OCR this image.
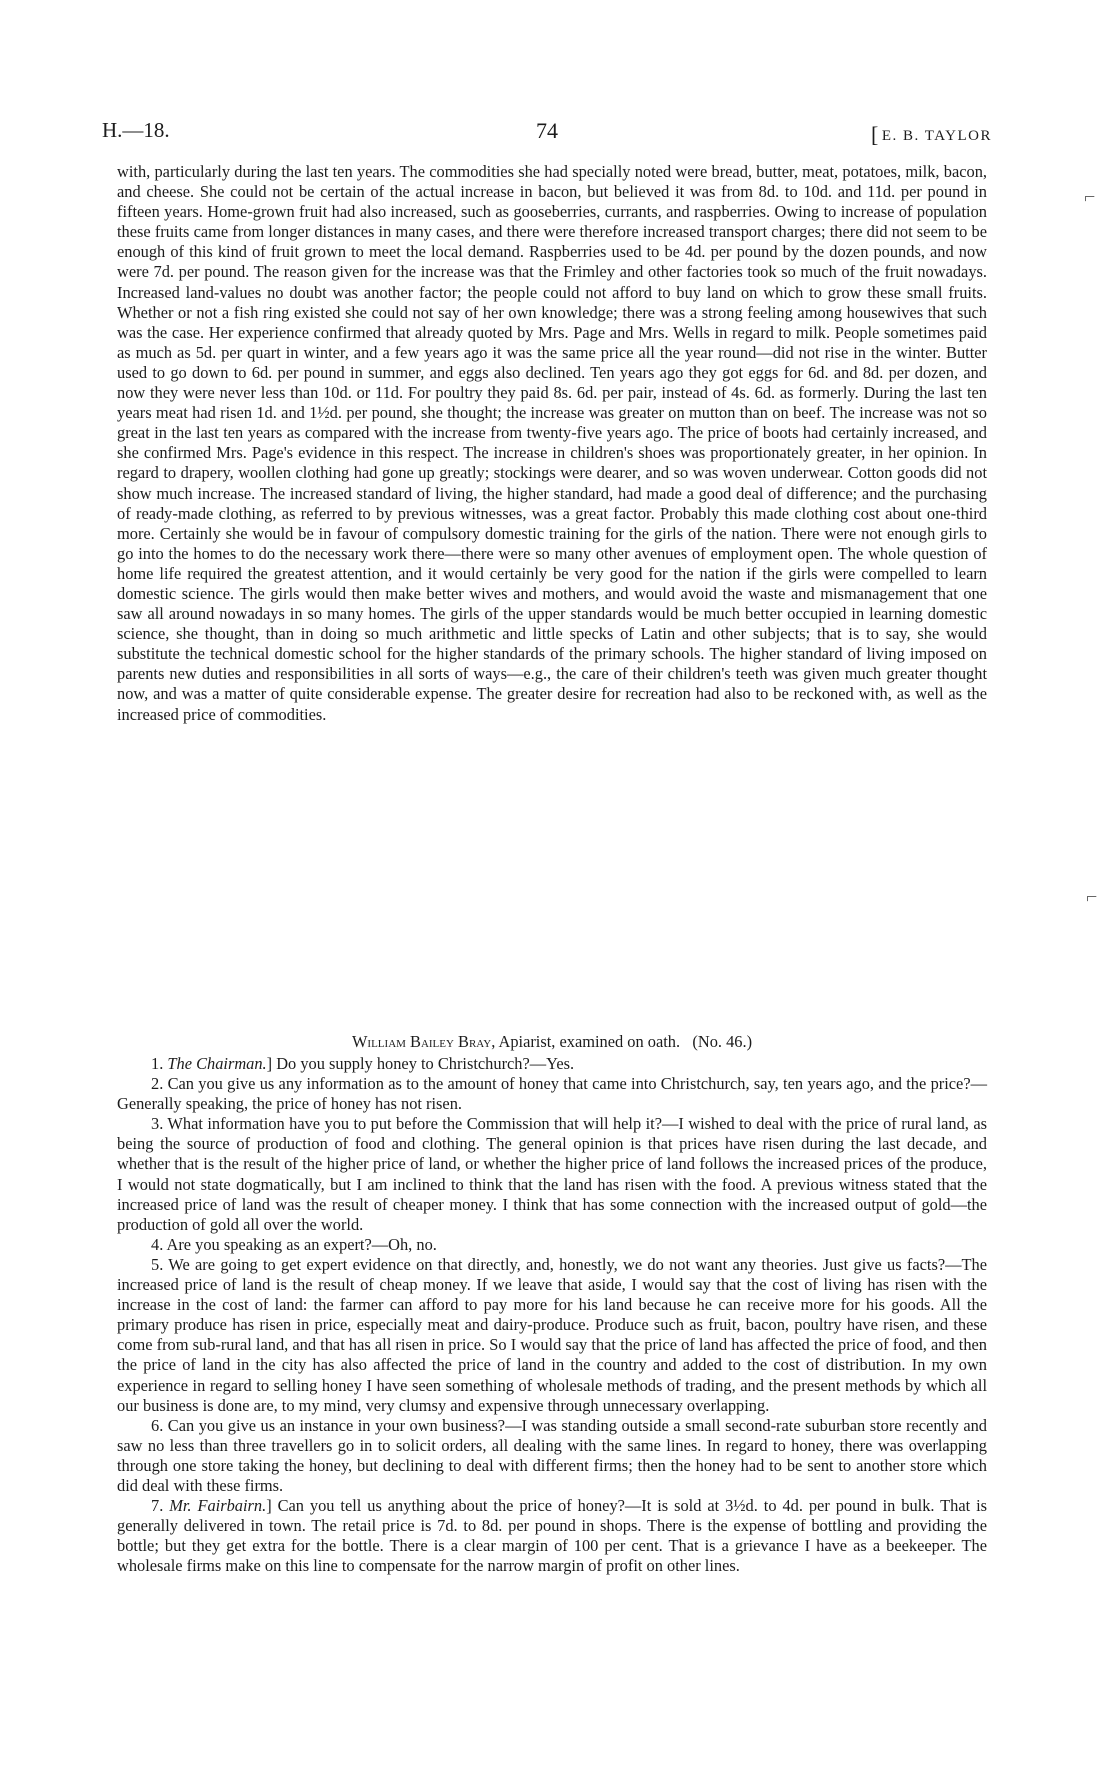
H.—18.	74	[ E. B. TAYLOR

with, particularly during the last ten years. The commodities she had specially noted were bread, butter, meat, potatoes, milk, bacon, and cheese. She could not be certain of the actual increase in bacon, but believed it was from 8d. to 10d. and 11d. per pound in fifteen years. Home-grown fruit had also increased, such as gooseberries, currants, and raspberries. Owing to increase of population these fruits came from longer distances in many cases, and there were therefore increased transport charges; there did not seem to be enough of this kind of fruit grown to meet the local demand. Raspberries used to be 4d. per pound by the dozen pounds, and now were 7d. per pound. The reason given for the increase was that the Frimley and other factories took so much of the fruit nowadays. Increased land-values no doubt was another factor; the people could not afford to buy land on which to grow these small fruits. Whether or not a fish ring existed she could not say of her own knowledge; there was a strong feeling among housewives that such was the case. Her experience confirmed that already quoted by Mrs. Page and Mrs. Wells in regard to milk. People sometimes paid as much as 5d. per quart in winter, and a few years ago it was the same price all the year round—did not rise in the winter. Butter used to go down to 6d. per pound in summer, and eggs also declined. Ten years ago they got eggs for 6d. and 8d. per dozen, and now they were never less than 10d. or 11d. For poultry they paid 8s. 6d. per pair, instead of 4s. 6d. as formerly. During the last ten years meat had risen 1d. and 1½d. per pound, she thought; the increase was greater on mutton than on beef. The increase was not so great in the last ten years as compared with the increase from twenty-five years ago. The price of boots had certainly increased, and she confirmed Mrs. Page's evidence in this respect. The increase in children's shoes was proportionately greater, in her opinion. In regard to drapery, woollen clothing had gone up greatly; stockings were dearer, and so was woven underwear. Cotton goods did not show much increase. The increased standard of living, the higher standard, had made a good deal of difference; and the purchasing of ready-made clothing, as referred to by previous witnesses, was a great factor. Probably this made clothing cost about one-third more. Certainly she would be in favour of compulsory domestic training for the girls of the nation. There were not enough girls to go into the homes to do the necessary work there—there were so many other avenues of employment open. The whole question of home life required the greatest attention, and it would certainly be very good for the nation if the girls were compelled to learn domestic science. The girls would then make better wives and mothers, and would avoid the waste and mismanagement that one saw all around nowadays in so many homes. The girls of the upper standards would be much better occupied in learning domestic science, she thought, than in doing so much arithmetic and little specks of Latin and other subjects; that is to say, she would substitute the technical domestic school for the higher standards of the primary schools. The higher standard of living imposed on parents new duties and responsibilities in all sorts of ways—e.g., the care of their children's teeth was given much greater thought now, and was a matter of quite considerable expense. The greater desire for recreation had also to be reckoned with, as well as the increased price of commodities.

William Bailey Bray, Apiarist, examined on oath. (No. 46.)

1. The Chairman.] Do you supply honey to Christchurch?—Yes.

2. Can you give us any information as to the amount of honey that came into Christchurch, say, ten years ago, and the price?—Generally speaking, the price of honey has not risen.

3. What information have you to put before the Commission that will help it?—I wished to deal with the price of rural land, as being the source of production of food and clothing. The general opinion is that prices have risen during the last decade, and whether that is the result of the higher price of land, or whether the higher price of land follows the increased prices of the produce, I would not state dogmatically, but I am inclined to think that the land has risen with the food. A previous witness stated that the increased price of land was the result of cheaper money. I think that has some connection with the increased output of gold—the production of gold all over the world.

4. Are you speaking as an expert?—Oh, no.

5. We are going to get expert evidence on that directly, and, honestly, we do not want any theories. Just give us facts?—The increased price of land is the result of cheap money. If we leave that aside, I would say that the cost of living has risen with the increase in the cost of land: the farmer can afford to pay more for his land because he can receive more for his goods. All the primary produce has risen in price, especially meat and dairy-produce. Produce such as fruit, bacon, poultry have risen, and these come from sub-rural land, and that has all risen in price. So I would say that the price of land has affected the price of food, and then the price of land in the city has also affected the price of land in the country and added to the cost of distribution. In my own experience in regard to selling honey I have seen something of wholesale methods of trading, and the present methods by which all our business is done are, to my mind, very clumsy and expensive through unnecessary overlapping.

6. Can you give us an instance in your own business?—I was standing outside a small second-rate suburban store recently and saw no less than three travellers go in to solicit orders, all dealing with the same lines. In regard to honey, there was overlapping through one store taking the honey, but declining to deal with different firms; then the honey had to be sent to another store which did deal with these firms.

7. Mr. Fairbairn.] Can you tell us anything about the price of honey?—It is sold at 3½d. to 4d. per pound in bulk. That is generally delivered in town. The retail price is 7d. to 8d. per pound in shops. There is the expense of bottling and providing the bottle; but they get extra for the bottle. There is a clear margin of 100 per cent. That is a grievance I have as a beekeeper. The wholesale firms make on this line to compensate for the narrow margin of profit on other lines.

⌐
⌐
